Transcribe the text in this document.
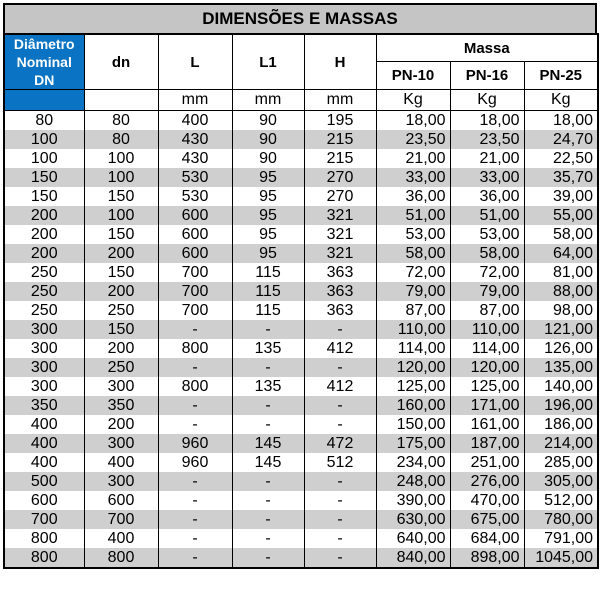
DIMENSÕES E MASSAS
Diâmetro
Nominal
DN	dn	L	L1	H	Massa		
					PN-10	PN-16	PN-25
		mm	mm	mm	Kg	Kg	Kg
80	80	400	90	195	18,00	18,00	18,00
100	80	430	90	215	23,50	23,50	24,70
100	100	430	90	215	21,00	21,00	22,50
150	100	530	95	270	33,00	33,00	35,70
150	150	530	95	270	36,00	36,00	39,00
200	100	600	95	321	51,00	51,00	55,00
200	150	600	95	321	53,00	53,00	58,00
200	200	600	95	321	58,00	58,00	64,00
250	150	700	115	363	72,00	72,00	81,00
250	200	700	115	363	79,00	79,00	88,00
250	250	700	115	363	87,00	87,00	98,00
300	150	-	-	-	110,00	110,00	121,00
300	200	800	135	412	114,00	114,00	126,00
300	250	-	-	-	120,00	120,00	135,00
300	300	800	135	412	125,00	125,00	140,00
350	350	-	-	-	160,00	171,00	196,00
400	200	-	-	-	150,00	161,00	186,00
400	300	960	145	472	175,00	187,00	214,00
400	400	960	145	512	234,00	251,00	285,00
500	300	-	-	-	248,00	276,00	305,00
600	600	-	-	-	390,00	470,00	512,00
700	700	-	-	-	630,00	675,00	780,00
800	400	-	-	-	640,00	684,00	791,00
800	800	-	-	-	840,00	898,00	1045,00
